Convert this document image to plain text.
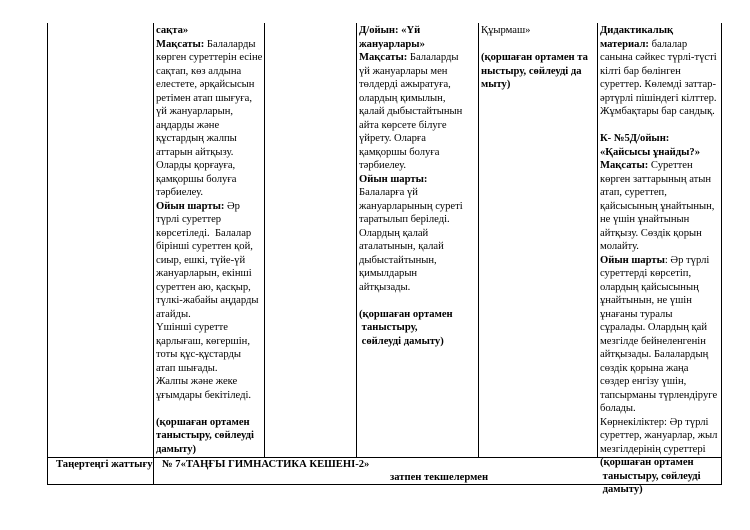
сақта»
Мақсаты: Балаларды
көрген суреттерін есіне
сақтап, көз алдына
елестете, әрқайсысын
ретімен атап шығуға,
үй жануарларын,
аңдарды және
құстардың жалпы
аттарын айтқызу.
Оларды қорғауға,
қамқоршы болуға
тәрбиелеу.
Ойын шарты: Әр
түрлі суреттер
көрсетіледі.  Балалар
бірінші суреттен қой,
сиыр, ешкі, түйе-үй
жануарларын, екінші
суреттен аю, қасқыр,
түлкі-жабайы аңдарды
атайды.
Үшінші суретте
қарлығаш, көгершін,
тоты құс-құстарды
атап шығады.
Жалпы және жеке
ұғымдары бекітіледі.
(қоршаған ортамен
таныстыру, сөйлеуді
дамыту)
Д/ойын: «Үй
жануарлары»
Мақсаты: Балаларды
үй жануарлары мен
төлдерді ажыратуға,
олардың қимылын,
қалай дыбыстайтынын
айта көрсете білуге
үйрету. Оларға
қамқоршы болуға
тәрбиелеу.
Ойын шарты:
Балаларға үй
жануарларының суреті
таратылып беріледі.
Олардың қалай
аталатынын, қалай
дыбыстайтынын,
қимылдарын
айтқызады.
(қоршаған ортамен
таныстыру,
сөйлеуді дамыту)
Құырмаш»
(қоршаған ортамен та
ныстыру, сөйлеуді да
мыту)
Дидактикалық
материал: балалар
санына сәйкес түрлі-түсті
кілті бар бөлінген
суреттер. Көлемді заттар-
әртүрлі пішіндегі кілттер.
Жұмбақтары бар сандық.
К- №5Д/ойын:
«Қайсысы ұнайды?»
Мақсаты: Суреттен
көрген заттарының атын
атап, суреттеп,
қайсысының ұнайтынын,
не үшін ұнайтынын
айтқызу. Сөздік қорын
молайту.
Ойын шарты: Әр түрлі
суреттерді көрсетіп,
олардың қайсысының
ұнайтынын, не үшін
ұнағаны туралы
сұралады. Олардың қай
мезгілде бейнеленгенін
айтқызады. Балалардың
сөздік қорына жаңа
сөздер енгізу үшін,
тапсырманы түрлендіруге
болады.
Көрнекіліктер: Әр түрлі
суреттер, жануарлар, жыл
мезгілдерінің суреттері
(қоршаған ортамен
таныстыру, сөйлеуді
дамыту)
Таңертеңгі жаттығу № 7«ТАҢҒЫ ГИМНАСТИКА КЕШЕНІ-2»
затпен текшелермен
